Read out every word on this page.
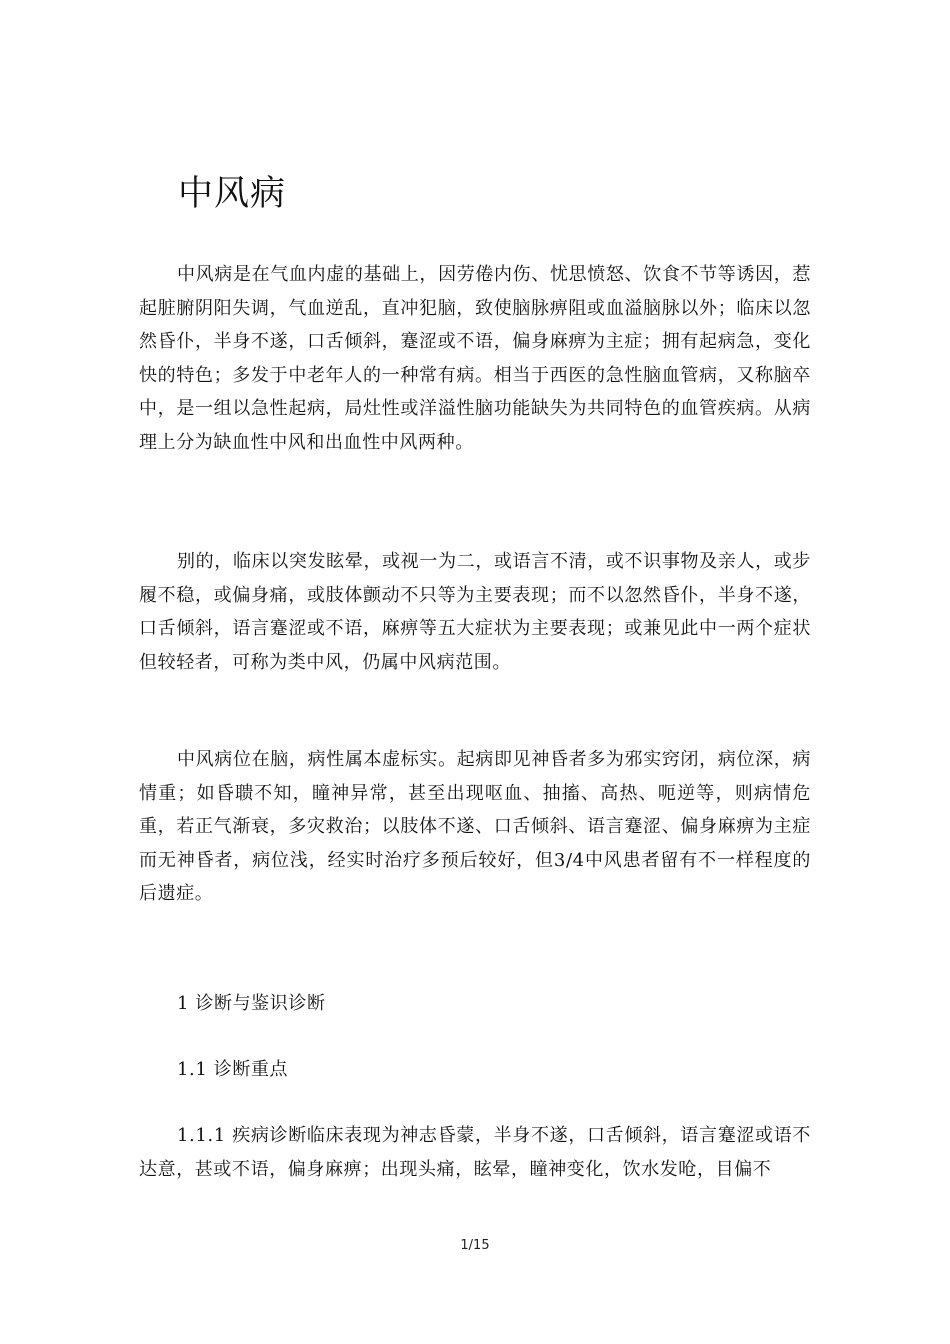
中风病

中风病是在气血内虚的基础上，因劳倦内伤、忧思愤怒、饮食不节等诱因，惹起脏腑阴阳失调，气血逆乱，直冲犯脑，致使脑脉痹阻或血溢脑脉以外；临床以忽然昏仆，半身不遂，口舌倾斜，蹇涩或不语，偏身麻痹为主症；拥有起病急，变化快的特色；多发于中老年人的一种常有病。相当于西医的急性脑血管病，又称脑卒中，是一组以急性起病，局灶性或洋溢性脑功能缺失为共同特色的血管疾病。从病理上分为缺血性中风和出血性中风两种。

别的，临床以突发眩晕，或视一为二，或语言不清，或不识事物及亲人，或步履不稳，或偏身痛，或肢体颤动不只等为主要表现；而不以忽然昏仆，半身不遂，口舌倾斜，语言蹇涩或不语，麻痹等五大症状为主要表现；或兼见此中一两个症状但较轻者，可称为类中风，仍属中风病范围。

中风病位在脑，病性属本虚标实。起病即见神昏者多为邪实窍闭，病位深，病情重；如昏聩不知，瞳神异常，甚至出现呕血、抽搐、高热、呃逆等，则病情危重，若正气渐衰，多灾救治；以肢体不遂、口舌倾斜、语言蹇涩、偏身麻痹为主症而无神昏者，病位浅，经实时治疗多预后较好，但3/4中风患者留有不一样程度的后遗症。

1 诊断与鉴识诊断

1.1 诊断重点

1.1.1 疾病诊断临床表现为神志昏蒙，半身不遂，口舌倾斜，语言蹇涩或语不达意，甚或不语，偏身麻痹；出现头痛，眩晕，瞳神变化，饮水发呛，目偏不

1/15
